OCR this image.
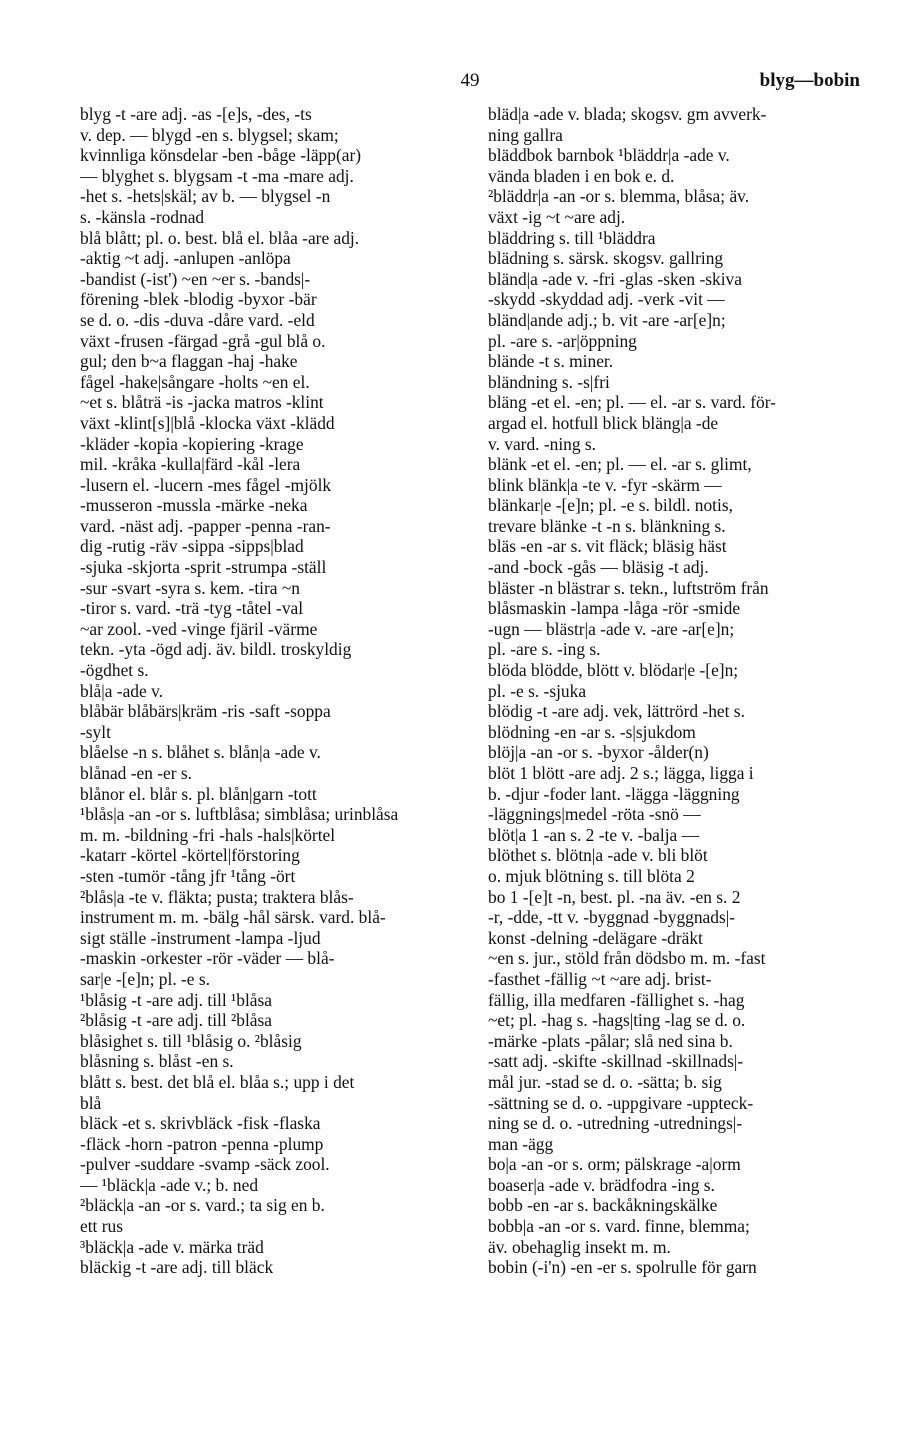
49	blyg—bobin
blyg -t -are adj. -as -[e]s, -des, -ts
v. dep. — blygd -en s. blygsel; skam;
kvinnliga könsdelar -ben -båge -läpp(ar)
— blyghet s. blygsam -t -ma -mare adj.
-het s. -hets|skäl; av b. — blygsel -n
s. -känsla -rodnad
blå blått; pl. o. best. blå el. blåa -are adj.
-aktig ~t adj. -anlupen -anlöpa
-bandist (-ist') ~en ~er s. -bands|-
förening -blek -blodig -byxor -bär
se d. o. -dis -duva -dåre vard. -eld
växt -frusen -färgad -grå -gul blå o.
gul; den b~a flaggan -haj -hake
fågel -hake|sångare -holts ~en el.
~et s. blåträ -is -jacka matros -klint
växt -klint[s]|blå -klocka växt -klädd
-kläder -kopia -kopiering -krage
mil. -kråka -kulla|färd -kål -lera
-lusern el. -lucern -mes fågel -mjölk
-musseron -mussla -märke -neka
vard. -näst adj. -papper -penna -ran-
dig -rutig -räv -sippa -sipps|blad
-sjuka -skjorta -sprit -strumpa -ställ
-sur -svart -syra s. kem. -tira ~n
-tiror s. vard. -trä -tyg -tåtel -val
~ar zool. -ved -vinge fjäril -värme
tekn. -yta -ögd adj. äv. bildl. troskyldig
-ögdhet s.
blå|a -ade v.
blåbär blåbärs|kräm -ris -saft -soppa
-sylt
blåelse -n s. blåhet s. blån|a -ade v.
blånad -en -er s.
blånor el. blår s. pl. blån|garn -tott
¹blås|a -an -or s. luftblåsa; simblåsa; urinblåsa
m. m. -bildning -fri -hals -hals|körtel
-katarr -körtel -körtel|förstoring
-sten -tumör -tång jfr ¹tång -ört
²blås|a -te v. fläkta; pusta; traktera blås-
instrument m. m. -bälg -hål särsk. vard. blå-
sigt ställe -instrument -lampa -ljud
-maskin -orkester -rör -väder — blå-
sar|e -[e]n; pl. -e s.
¹blåsig -t -are adj. till ¹blåsa
²blåsig -t -are adj. till ²blåsa
blåsighet s. till ¹blåsig o. ²blåsig
blåsning s. blåst -en s.
blått s. best. det blå el. blåa s.; upp i det
blå
bläck -et s. skrivbläck -fisk -flaska
-fläck -horn -patron -penna -plump
-pulver -suddare -svamp -säck zool.
— ¹bläck|a -ade v.; b. ned
²bläck|a -an -or s. vard.; ta sig en b.
ett rus
³bläck|a -ade v. märka träd
bläckig -t -are adj. till bläck
bläd|a -ade v. blada; skogsv. gm avverk-
ning gallra
bläddbok barnbok ¹bläddr|a -ade v.
vända bladen i en bok e. d.
²bläddr|a -an -or s. blemma, blåsa; äv.
växt -ig ~t ~are adj.
bläddring s. till ¹bläddra
blädning s. särsk. skogsv. gallring
bländ|a -ade v. -fri -glas -sken -skiva
-skydd -skyddad adj. -verk -vit —
bländ|ande adj.; b. vit -are -ar[e]n;
pl. -are s. -ar|öppning
blände -t s. miner.
bländning s. -s|fri
bläng -et el. -en; pl. — el. -ar s. vard. för-
argad el. hotfull blick bläng|a -de
v. vard. -ning s.
blänk -et el. -en; pl. — el. -ar s. glimt,
blink blänk|a -te v. -fyr -skärm —
blänkar|e -[e]n; pl. -e s. bildl. notis,
trevare blänke -t -n s. blänkning s.
bläs -en -ar s. vit fläck; bläsig häst
-and -bock -gås — bläsig -t adj.
bläster -n blästrar s. tekn., luftström från
blåsmaskin -lampa -låga -rör -smide
-ugn — blästr|a -ade v. -are -ar[e]n;
pl. -are s. -ing s.
blöda blödde, blött v. blödar|e -[e]n;
pl. -e s. -sjuka
blödig -t -are adj. vek, lättrörd -het s.
blödning -en -ar s. -s|sjukdom
blöj|a -an -or s. -byxor -ålder(n)
blöt 1 blött -are adj. 2 s.; lägga, ligga i
b. -djur -foder lant. -lägga -läggning
-läggnings|medel -röta -snö —
blöt|a 1 -an s. 2 -te v. -balja —
blöthet s. blötn|a -ade v. bli blöt
o. mjuk blötning s. till blöta 2
bo 1 -[e]t -n, best. pl. -na äv. -en s. 2
-r, -dde, -tt v. -byggnad -byggnads|-
konst -delning -delägare -dräkt
~en s. jur., stöld från dödsbo m. m. -fast
-fasthet -fällig ~t ~are adj. brist-
fällig, illa medfaren -fällighet s. -hag
~et; pl. -hag s. -hags|ting -lag se d. o.
-märke -plats -pålar; slå ned sina b.
-satt adj. -skifte -skillnad -skillnads|-
mål jur. -stad se d. o. -sätta; b. sig
-sättning se d. o. -uppgivare -uppteck-
ning se d. o. -utredning -utrednings|-
man -ägg
bo|a -an -or s. orm; pälskrage -a|orm
boaser|a -ade v. brädfodra -ing s.
bobb -en -ar s. backåkningskälke
bobb|a -an -or s. vard. finne, blemma;
äv. obehaglig insekt m. m.
bobin (-i'n) -en -er s. spolrulle för garn
